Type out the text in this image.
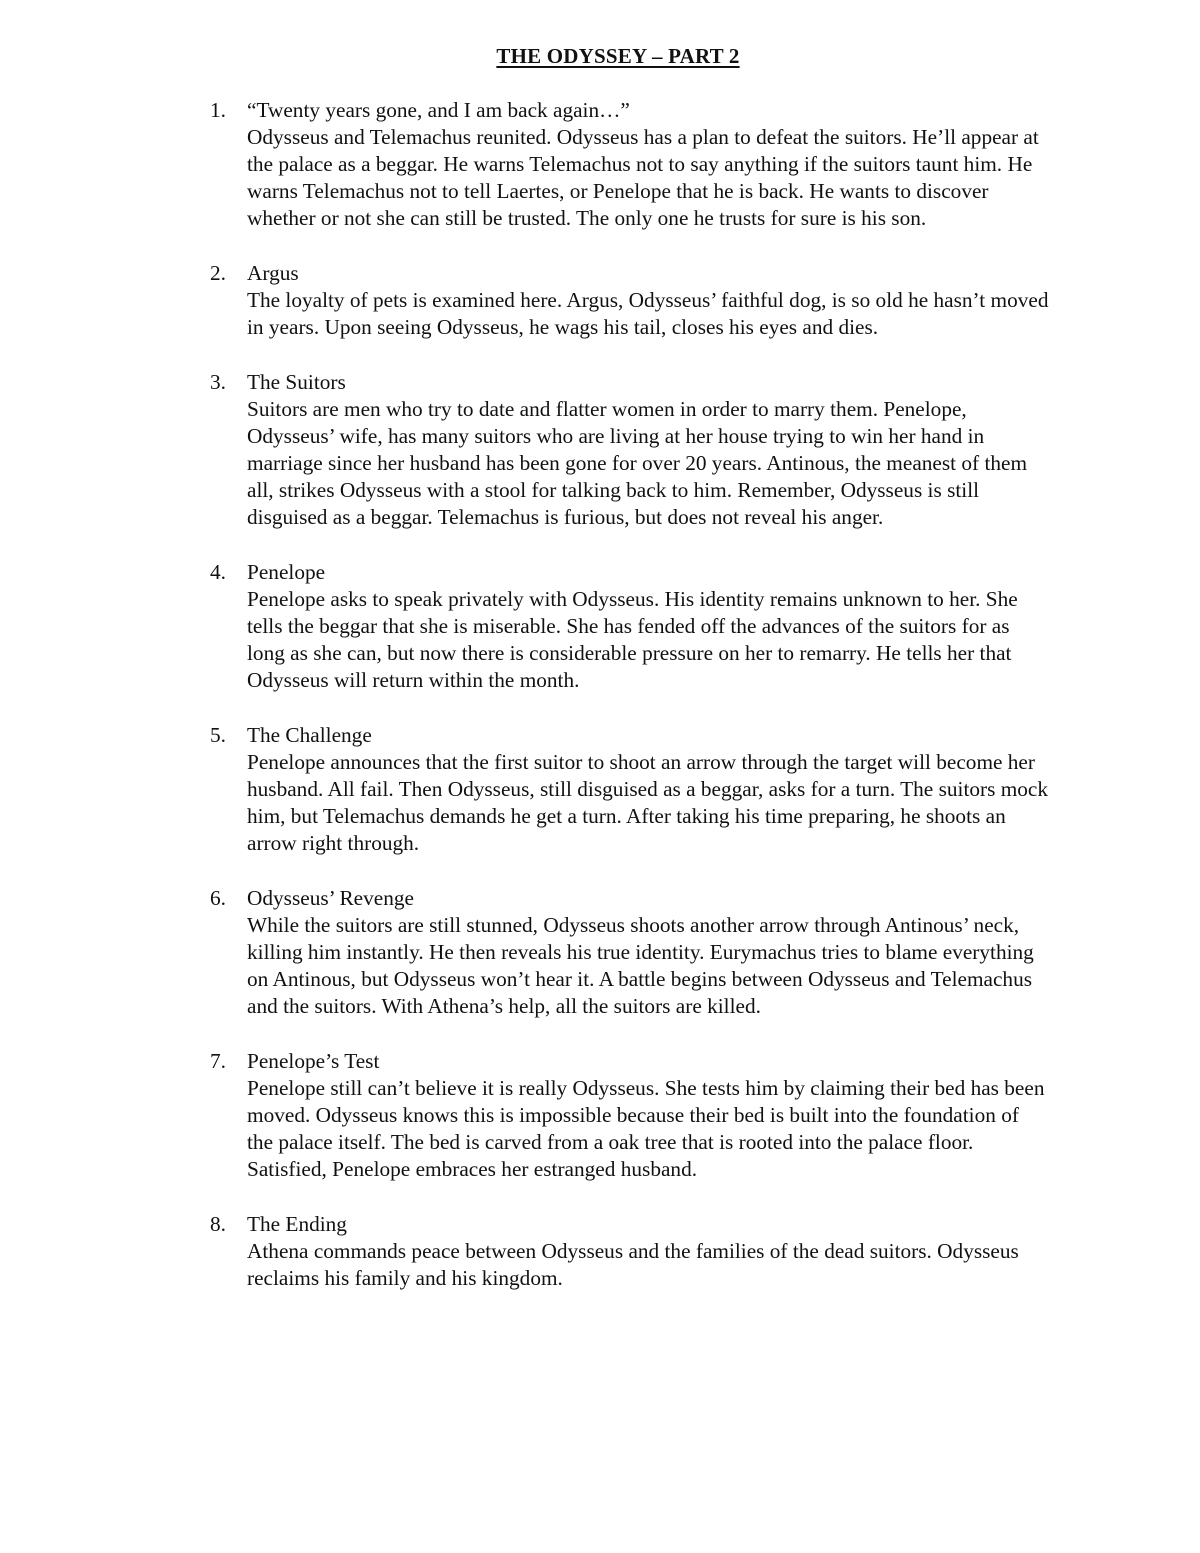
THE ODYSSEY – PART 2
1. “Twenty years gone, and I am back again…”
Odysseus and Telemachus reunited. Odysseus has a plan to defeat the suitors. He’ll appear at the palace as a beggar. He warns Telemachus not to say anything if the suitors taunt him. He warns Telemachus not to tell Laertes, or Penelope that he is back. He wants to discover whether or not she can still be trusted. The only one he trusts for sure is his son.
2. Argus
The loyalty of pets is examined here. Argus, Odysseus’ faithful dog, is so old he hasn’t moved in years. Upon seeing Odysseus, he wags his tail, closes his eyes and dies.
3. The Suitors
Suitors are men who try to date and flatter women in order to marry them. Penelope, Odysseus’ wife, has many suitors who are living at her house trying to win her hand in marriage since her husband has been gone for over 20 years. Antinous, the meanest of them all, strikes Odysseus with a stool for talking back to him. Remember, Odysseus is still disguised as a beggar. Telemachus is furious, but does not reveal his anger.
4. Penelope
Penelope asks to speak privately with Odysseus. His identity remains unknown to her. She tells the beggar that she is miserable. She has fended off the advances of the suitors for as long as she can, but now there is considerable pressure on her to remarry. He tells her that Odysseus will return within the month.
5. The Challenge
Penelope announces that the first suitor to shoot an arrow through the target will become her husband. All fail. Then Odysseus, still disguised as a beggar, asks for a turn. The suitors mock him, but Telemachus demands he get a turn. After taking his time preparing, he shoots an arrow right through.
6. Odysseus’ Revenge
While the suitors are still stunned, Odysseus shoots another arrow through Antinous’ neck, killing him instantly. He then reveals his true identity. Eurymachus tries to blame everything on Antinous, but Odysseus won’t hear it. A battle begins between Odysseus and Telemachus and the suitors. With Athena’s help, all the suitors are killed.
7. Penelope’s Test
Penelope still can’t believe it is really Odysseus. She tests him by claiming their bed has been moved. Odysseus knows this is impossible because their bed is built into the foundation of the palace itself. The bed is carved from a oak tree that is rooted into the palace floor. Satisfied, Penelope embraces her estranged husband.
8. The Ending
Athena commands peace between Odysseus and the families of the dead suitors. Odysseus reclaims his family and his kingdom.
